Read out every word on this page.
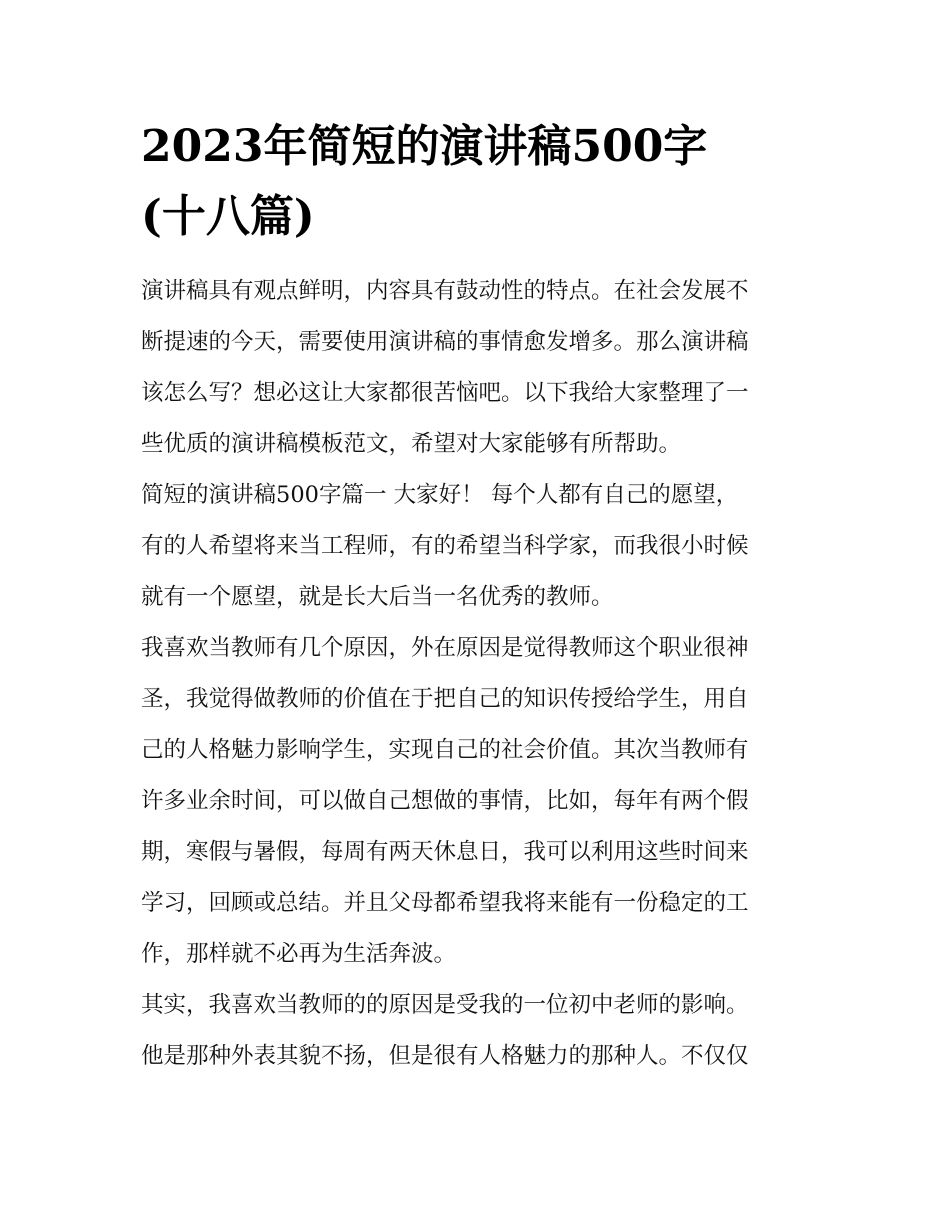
2023年简短的演讲稿500字
(十八篇)

演讲稿具有观点鲜明，内容具有鼓动性的特点。在社会发展不
断提速的今天，需要使用演讲稿的事情愈发增多。那么演讲稿
该怎么写？想必这让大家都很苦恼吧。以下我给大家整理了一
些优质的演讲稿模板范文，希望对大家能够有所帮助。

简短的演讲稿500字篇一 大家好！ 每个人都有自己的愿望，
有的人希望将来当工程师，有的希望当科学家，而我很小时候
就有一个愿望，就是长大后当一名优秀的教师。

我喜欢当教师有几个原因，外在原因是觉得教师这个职业很神
圣，我觉得做教师的价值在于把自己的知识传授给学生，用自
己的人格魅力影响学生，实现自己的社会价值。其次当教师有
许多业余时间，可以做自己想做的事情，比如，每年有两个假
期，寒假与暑假，每周有两天休息日，我可以利用这些时间来
学习，回顾或总结。并且父母都希望我将来能有一份稳定的工
作，那样就不必再为生活奔波。

其实，我喜欢当教师的的原因是受我的一位初中老师的影响。
他是那种外表其貌不扬，但是很有人格魅力的那种人。不仅仅
